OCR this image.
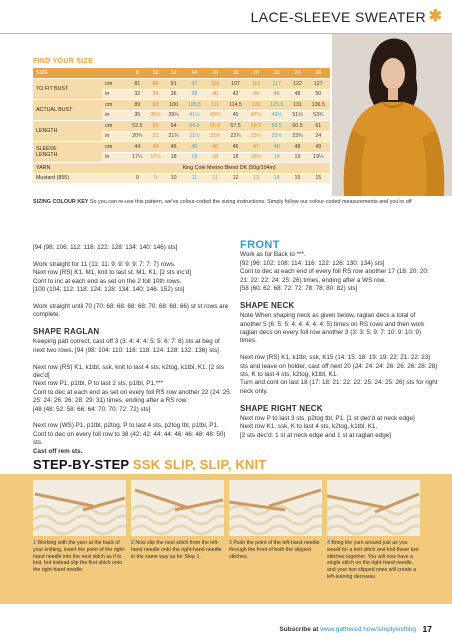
LACE-SLEEVE SWEATER ✱
FIND YOUR SIZE
SIZE		8	10	12	14	16	18	20	22	24	26
TO FIT BUST	cm	81	86	91	97	102	107	112	117	122	127
	in	32	34	36	38	40	42	44	46	48	50
ACTUAL BUST	cm	89	93	100	105.5	111	114.5	120	125.5	131	136.5
	in	35	36½	39¼	41½	43¾	45	47¼	49½	51½	53¾
LENGTH	cm	52.5	53	54	54.5	55.5	57.5	59.5	59.5	60.5	61
	in	20¾	21	21¼	21½	21¾	22¾	23½	23½	23¾	24
SLEEVE
LENGTH	cm	44	44	46	46	46	46	47	48	48	49
	in	17¼	17¼	18	18	18	18	18½	19	19	19¼
YARN		King Cole Merino Blend DK (50g/104m)									
Mustard (855)		9	9	10	11	11	12	13	14	15	15
SIZING COLOUR KEY So you can re-use this pattern, we've colour-coded the sizing instructions. Simply follow our colour-coded measurements and you're off

[94 (98: 106: 112: 118: 122: 128: 134: 140: 146) sts]

Work straight for 11 (11: 11: 9: 9: 9: 9: 7: 7: 7) rows.

Next row (RS) K1, M1, knit to last st, M1, K1. [2 sts inc'd]

Cont to inc at each end as set on the 2 foll 10th rows.

[100 (104: 112: 118: 124: 128: 134: 140: 146: 152) sts]

Work straight until 70 (70: 68: 68: 68: 68: 70: 68: 68: 66) st st rows are complete.

SHAPE RAGLAN

Keeping patt correct, cast off 3 (3: 4: 4: 4: 5: 5: 6: 7: 8) sts at beg of next two rows. [94 (98: 104: 110: 116: 118: 124: 128: 132: 136) sts]

Next row (RS) K1, k1tbl, ssk, knit to last 4 sts, k2tog, k1tbl, K1. [2 sts dec'd]

Next row P1, p1tbl, P to last 2 sts, p1tbl, P1.***

Cont to dec at each end as set on every foll RS row another 22 (24: 25: 25: 24: 26: 26: 28: 29: 31) times, ending after a RS row.

[48 (48: 52: 58: 66: 64: 70: 70: 72: 72) sts]

Next row (WS) P1, p1tbl, p2tog. P to last 4 sts, p2tog tbl, p1tbl, P1.

Cont to dec on every foll row to 38 (42: 42: 44: 44: 46: 46: 48: 48: 50) sts.

Cast off rem sts.

FRONT

Work as for Back to ***.

[92 (96: 102: 108: 114: 116: 122: 126: 130: 134) sts]

Cont to dec at each end of every foll RS row another 17 (18: 20: 20: 21: 22: 22: 24: 25: 26) times, ending after a WS row.

[58 (60: 62: 68: 72: 72: 78: 78: 80: 82) sts]

SHAPE NECK

Note When shaping neck as given below, raglan decs a total of another 5 (6: 5: 5: 4: 4: 4: 4: 4: 5) times on RS rows and then work raglan decs on every foll row another 3 (3: 3: 5: 9: 7: 10: 9: 10: 9) times.

Next row (RS) K1, k1tbl, ssk, K15 (14: 15: 18: 19: 19: 22: 21: 22: 23) sts and leave on holder, cast off next 20 (24: 24: 24: 26: 26: 26: 28: 28) sts, K to last 4 sts, k2tog, k1tbl, K1.

Turn and cont on last 18 (17: 18: 21: 22: 22: 25: 24: 25: 26) sts for right neck only.

SHAPE RIGHT NECK

Next row P to last 3 sts, p2tog tbl, P1. [1 st dec'd at neck edge]

Next row K1, ssk, K to last 4 sts, k2tog, k1tbl, K1.

[2 sts dec'd: 1 st at neck edge and 1 st at raglan edge]

STEP-BY-STEP SSK SLIP, SLIP, KNIT
1 Working with the yarn at the back of your knitting, insert the point of the right-hand needle into the next stitch as if to knit, but instead slip the first stitch onto the right-hand needle.
2 Now slip the next stitch from the left-hand needle onto the right-hand needle in the same way as for Step 1.
3 Push the point of the left-hand needle through the front of both the slipped stitches.
4 Bring the yarn around just as you would for a knit stitch and knit these two stitches together. You will now have a single stitch on the right-hand needle, and your two slipped ones will create a left-leaning decrease.
Subscribe at www.gathered.how/simplyknitting 17
